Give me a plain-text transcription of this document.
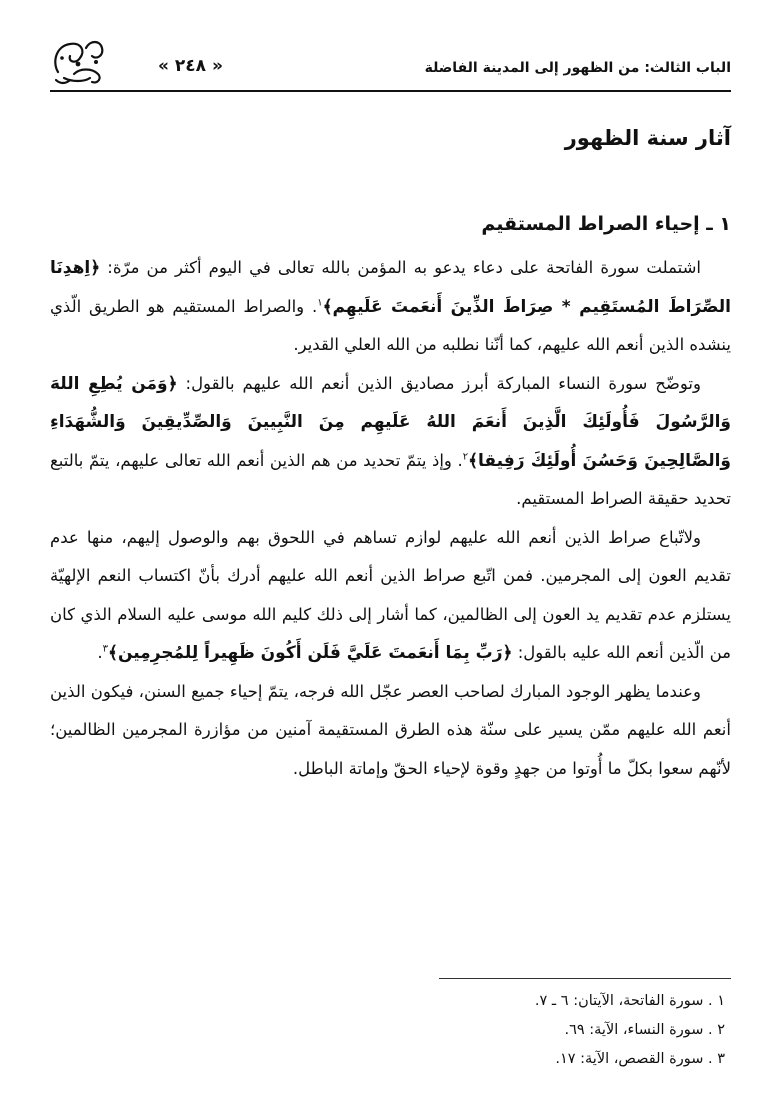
الباب الثالث: من الظهور إلى المدينة الفاضلة
« ٢٤٨ »
آثار سنة الظهور
١ ـ إحياء الصراط المستقيم

اشتملت سورة الفاتحة على دعاء يدعو به المؤمن بالله تعالى في اليوم أكثر من مرّة: ﴿اِهدِنَا الصِّرَاطَ المُستَقِيم * صِرَاطَ الذِّينَ أَنعَمتَ عَلَيهِم﴾$^١$. والصراط المستقيم هو الطريق الّذي ينشده الذين أنعم الله عليهم، كما أنّنا نطلبه من الله العلي القدير.

وتوضّح سورة النساء المباركة أبرز مصاديق الذين أنعم الله عليهم بالقول: ﴿وَمَن يُطِعِ اللهَ وَالرَّسُولَ فَأُولَئِكَ الَّذِينَ أَنعَمَ اللهُ عَلَيهِم مِنَ النَّبِيينَ وَالصِّدِّيقِينَ وَالشُّهَدَاءِ وَالصَّالِحِينَ وَحَسُنَ أُولَئِكَ رَفِيقا﴾$^٢$. وإذ يتمّ تحديد من هم الذين أنعم الله تعالى عليهم، يتمّ بالتبع تحديد حقيقة الصراط المستقيم.

ولاتّباع صراط الذين أنعم الله عليهم لوازم تساهم في اللحوق بهم والوصول إليهم، منها عدم تقديم العون إلى المجرمين. فمن اتّبع صراط الذين أنعم الله عليهم أدرك بأنّ اكتساب النعم الإلهيّة يستلزم عدم تقديم يد العون إلى الظالمين، كما أشار إلى ذلك كليم الله موسى عليه السلام الذي كان من الّذين أنعم الله عليه بالقول: ﴿رَبِّ بِمَا أَنعَمتَ عَلَيَّ فَلَن أَكُونَ ظَهِيراً لِلمُجرِمِين﴾$^٣$.

وعندما يظهر الوجود المبارك لصاحب العصر عجّل الله فرجه، يتمّ إحياء جميع السنن، فيكون الذين أنعم الله عليهم ممّن يسير على سنّة هذه الطرق المستقيمة آمنين من مؤازرة المجرمين الظالمين؛ لأنّهم سعوا بكلّ ما أُوتوا من جهدٍ وقوة لإحياء الحقّ وإماتة الباطل.

١ . سورة الفاتحة، الآيتان: ٦ ـ ٧.
٢ . سورة النساء، الآية: ٦٩.
٣ . سورة القصص، الآية: ١٧.
